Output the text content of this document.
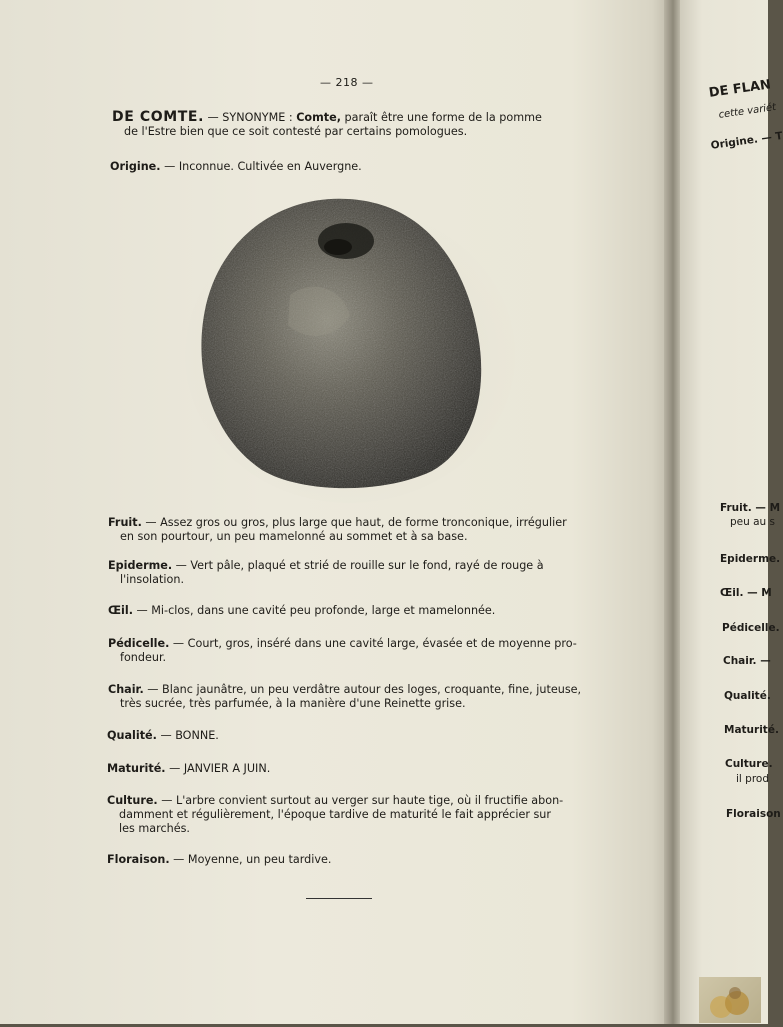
— 218 —
DE COMTE. — SYNONYME : Comte, paraît être une forme de la pomme
de l'Estre bien que ce soit contesté par certains pomologues.
Origine. — Inconnue. Cultivée en Auvergne.
Fruit. — Assez gros ou gros, plus large que haut, de forme tronconique, irrégulier
en son pourtour, un peu mamelonné au sommet et à sa base.
Epiderme. — Vert pâle, plaqué et strié de rouille sur le fond, rayé de rouge à
l'insolation.
Œil. — Mi-clos, dans une cavité peu profonde, large et mamelonnée.
Pédicelle. — Court, gros, inséré dans une cavité large, évasée et de moyenne pro-
fondeur.
Chair. — Blanc jaunâtre, un peu verdâtre autour des loges, croquante, fine, juteuse,
très sucrée, très parfumée, à la manière d'une Reinette grise.
Qualité. — BONNE.
Maturité. — JANVIER A JUIN.
Culture. — L'arbre convient surtout au verger sur haute tige, où il fructifie abon-
damment et régulièrement, l'époque tardive de maturité le fait apprécier sur
les marchés.
Floraison. — Moyenne, un peu tardive.
DE FLAN
cette variét
Origine. — T
Fruit. — M
peu au s
Epiderme.
Œil. — M
Pédicelle.
Chair. —
Qualité.
Maturité.
Culture.
il prod
Floraison
